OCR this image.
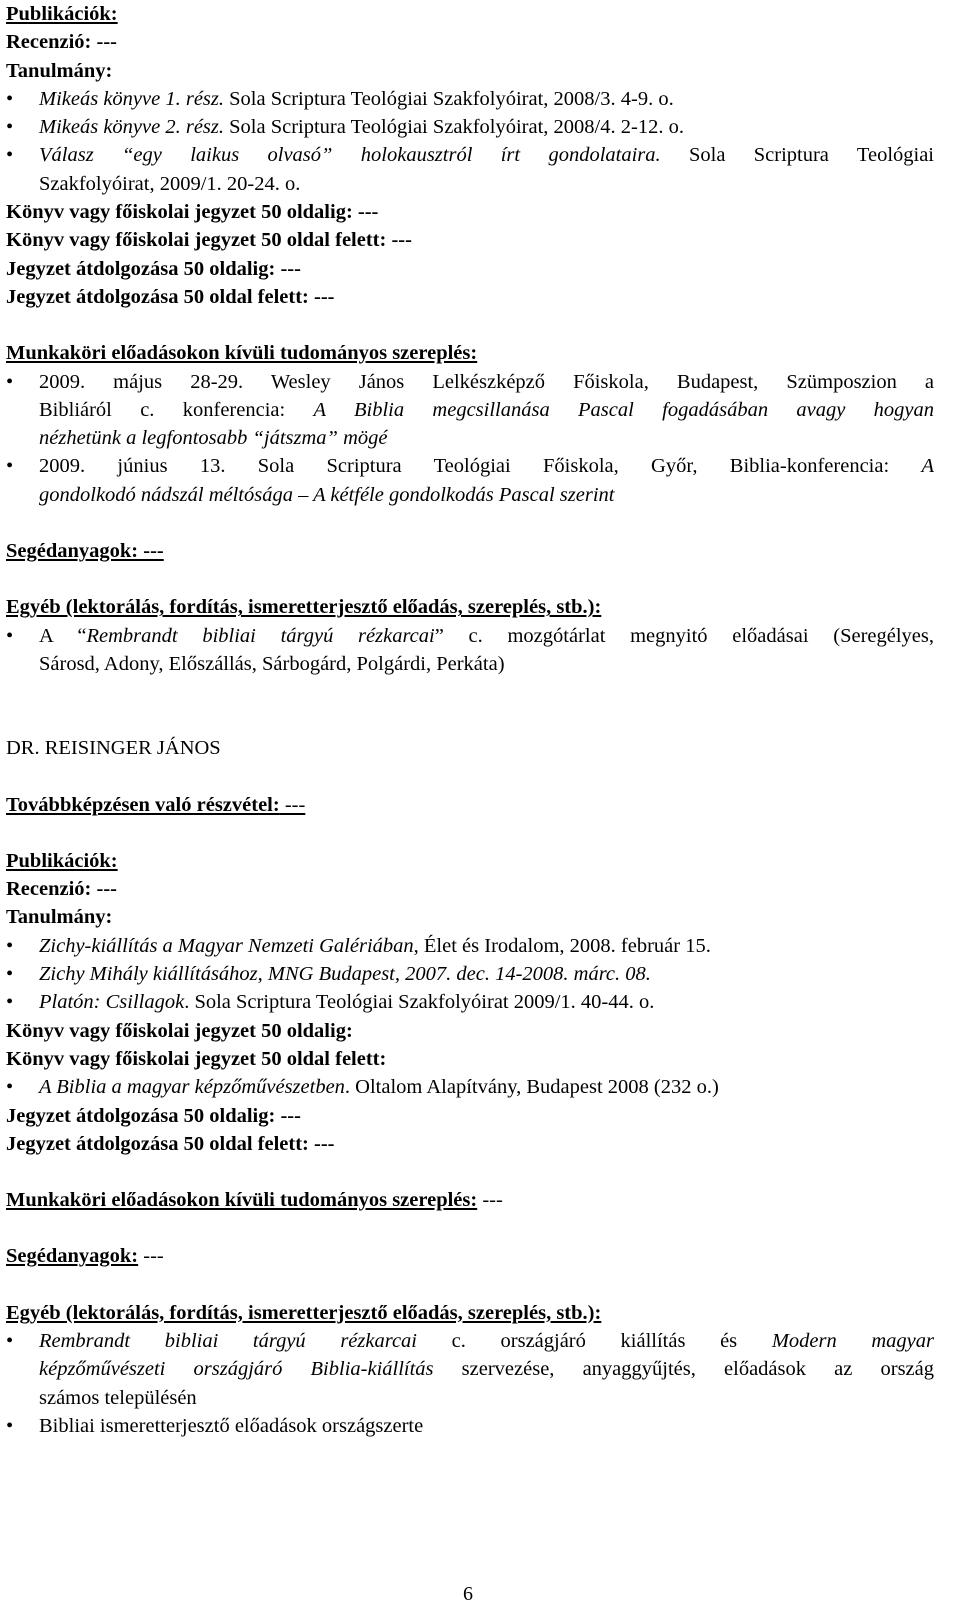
Publikációk:
Recenzió: ---
Tanulmány:
•	Mikeás könyve 1. rész. Sola Scriptura Teológiai Szakfolyóirat, 2008/3. 4-9. o.
•	Mikeás könyve 2. rész. Sola Scriptura Teológiai Szakfolyóirat, 2008/4. 2-12. o.
•	Válasz “egy laikus olvasó” holokausztról írt gondolataira. Sola Scriptura Teológiai
Szakfolyóirat, 2009/1. 20-24. o.
Könyv vagy főiskolai jegyzet 50 oldalig: ---
Könyv vagy főiskolai jegyzet 50 oldal felett: ---
Jegyzet átdolgozása 50 oldalig: ---
Jegyzet átdolgozása 50 oldal felett: ---
Munkaköri előadásokon kívüli tudományos szereplés:
•	2009. május 28-29. Wesley János Lelkészképző Főiskola, Budapest, Szümposzion a
Bibliáról c. konferencia: A Biblia megcsillanása Pascal fogadásában avagy hogyan
nézhetünk a legfontosabb “játszma” mögé
•	2009. június 13. Sola Scriptura Teológiai Főiskola, Győr, Biblia-konferencia: A
gondolkodó nádszál méltósága – A kétféle gondolkodás Pascal szerint
Segédanyagok: ---
Egyéb (lektorálás, fordítás, ismeretterjesztő előadás, szereplés, stb.):
•	A “Rembrandt bibliai tárgyú rézkarcai” c. mozgótárlat megnyitó előadásai (Seregélyes,
Sárosd, Adony, Előszállás, Sárbogárd, Polgárdi, Perkáta)
DR. REISINGER JÁNOS
Továbbképzésen való részvétel: ---
Publikációk:
Recenzió: ---
Tanulmány:
•	Zichy-kiállítás a Magyar Nemzeti Galériában, Élet és Irodalom, 2008. február 15.
•	Zichy Mihály kiállításához, MNG Budapest, 2007. dec. 14-2008. márc. 08.
•	Platón: Csillagok. Sola Scriptura Teológiai Szakfolyóirat 2009/1. 40-44. o.
Könyv vagy főiskolai jegyzet 50 oldalig:
Könyv vagy főiskolai jegyzet 50 oldal felett:
•	A Biblia a magyar képzőművészetben. Oltalom Alapítvány, Budapest 2008 (232 o.)
Jegyzet átdolgozása 50 oldalig: ---
Jegyzet átdolgozása 50 oldal felett: ---
Munkaköri előadásokon kívüli tudományos szereplés: ---
Segédanyagok: ---
Egyéb (lektorálás, fordítás, ismeretterjesztő előadás, szereplés, stb.):
•	Rembrandt bibliai tárgyú rézkarcai c. országjáró kiállítás és Modern magyar
képzőművészeti országjáró Biblia-kiállítás szervezése, anyaggyűjtés, előadások az ország
számos településén
•	Bibliai ismeretterjesztő előadások országszerte
6
